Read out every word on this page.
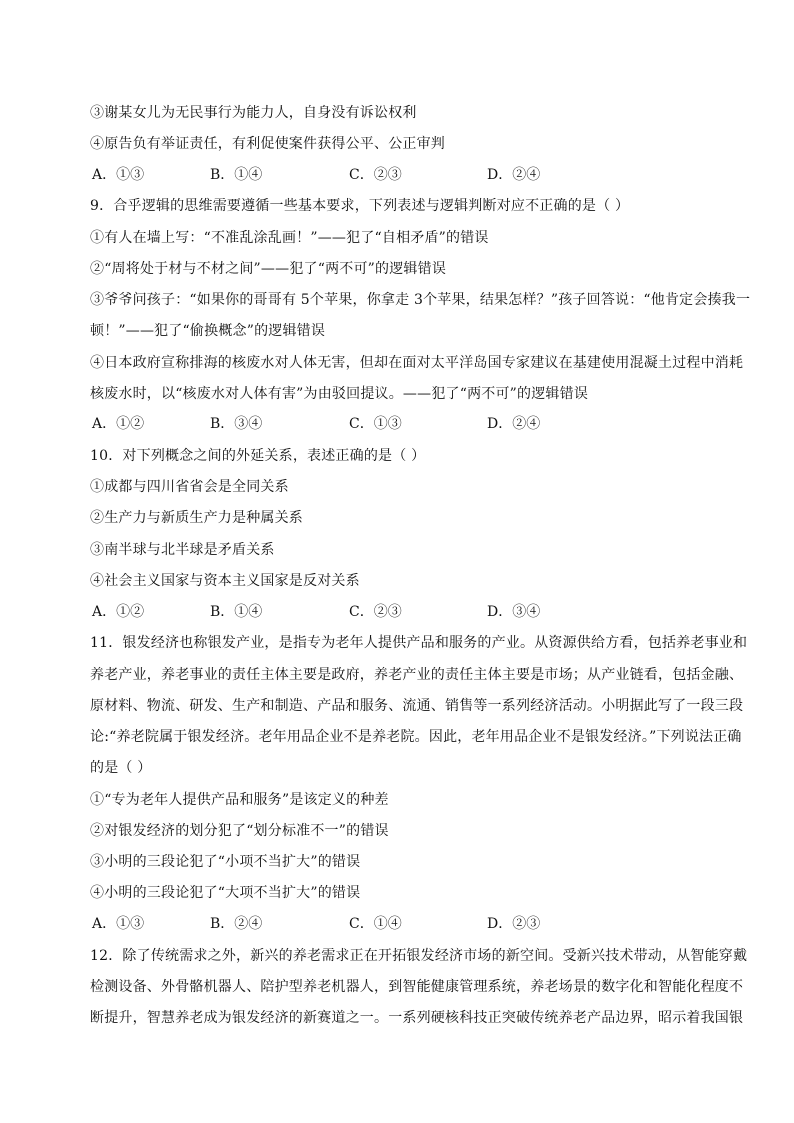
③谢某女儿为无民事行为能力人，自身没有诉讼权利
④原告负有举证责任，有利促使案件获得公平、公正审判
A．①③	B．①④	C．②③	D．②④
9．合乎逻辑的思维需要遵循一些基本要求，下列表述与逻辑判断对应不正确的是（ ）
①有人在墙上写：“不准乱涂乱画！”——犯了“自相矛盾”的错误
②“周将处于材与不材之间”——犯了“两不可”的逻辑错误
③爷爷问孩子：“如果你的哥哥有 5个苹果，你拿走 3个苹果，结果怎样？”孩子回答说：“他肯定会揍我一
顿！”——犯了“偷换概念”的逻辑错误
④日本政府宣称排海的核废水对人体无害，但却在面对太平洋岛国专家建议在基建使用混凝土过程中消耗
核废水时，以“核废水对人体有害”为由驳回提议。——犯了“两不可”的逻辑错误
A．①②	B．③④	C．①③	D．②④
10．对下列概念之间的外延关系，表述正确的是（ ）
①成都与四川省省会是全同关系
②生产力与新质生产力是种属关系
③南半球与北半球是矛盾关系
④社会主义国家与资本主义国家是反对关系
A．①②	B．①④	C．②③	D．③④
11．银发经济也称银发产业，是指专为老年人提供产品和服务的产业。从资源供给方看，包括养老事业和
养老产业，养老事业的责任主体主要是政府，养老产业的责任主体主要是市场；从产业链看，包括金融、
原材料、物流、研发、生产和制造、产品和服务、流通、销售等一系列经济活动。小明据此写了一段三段
论:“养老院属于银发经济。老年用品企业不是养老院。因此，老年用品企业不是银发经济。”下列说法正确
的是（ ）
①“专为老年人提供产品和服务”是该定义的种差
②对银发经济的划分犯了“划分标准不一”的错误
③小明的三段论犯了“小项不当扩大”的错误
④小明的三段论犯了“大项不当扩大”的错误
A．①③	B．②④	C．①④	D．②③
12．除了传统需求之外，新兴的养老需求正在开拓银发经济市场的新空间。受新兴技术带动，从智能穿戴
检测设备、外骨骼机器人、陪护型养老机器人，到智能健康管理系统，养老场景的数字化和智能化程度不
断提升，智慧养老成为银发经济的新赛道之一。一系列硬核科技正突破传统养老产品边界，昭示着我国银
